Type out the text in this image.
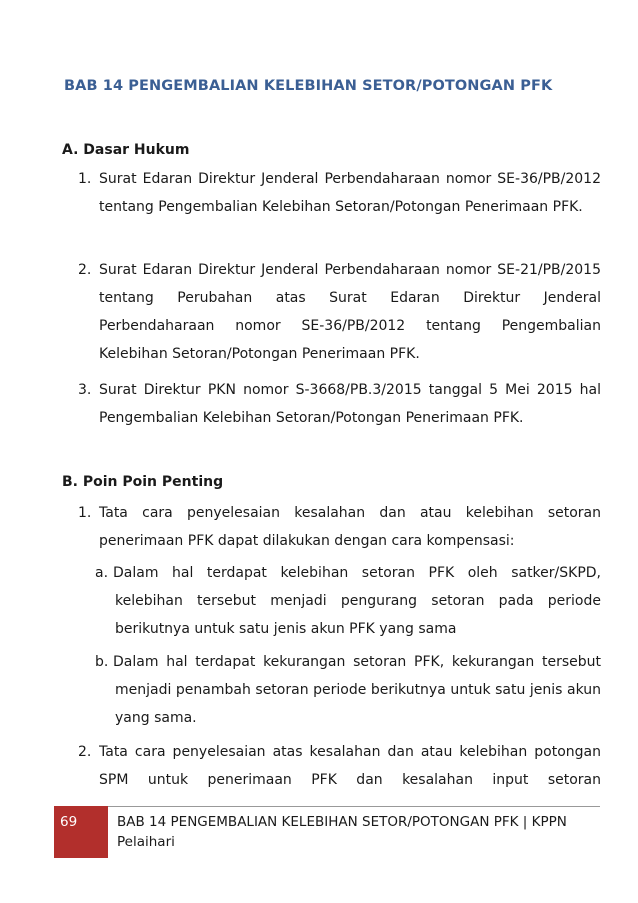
BAB 14 PENGEMBALIAN KELEBIHAN SETOR/POTONGAN PFK
A. Dasar Hukum
1. Surat Edaran Direktur Jenderal Perbendaharaan nomor SE-36/PB/2012 tentang Pengembalian Kelebihan Setoran/Potongan Penerimaan PFK.
2. Surat Edaran Direktur Jenderal Perbendaharaan nomor SE-21/PB/2015 tentang Perubahan atas Surat Edaran Direktur Jenderal Perbendaharaan nomor SE-36/PB/2012 tentang Pengembalian Kelebihan Setoran/Potongan Penerimaan PFK.
3. Surat Direktur PKN nomor S-3668/PB.3/2015 tanggal 5 Mei 2015 hal Pengembalian Kelebihan Setoran/Potongan Penerimaan PFK.
B. Poin Poin Penting
1. Tata cara penyelesaian kesalahan dan atau kelebihan setoran penerimaan PFK dapat dilakukan dengan cara kompensasi:
a. Dalam hal terdapat kelebihan setoran PFK oleh satker/SKPD, kelebihan tersebut menjadi pengurang setoran pada periode berikutnya untuk satu jenis akun PFK yang sama
b. Dalam hal terdapat kekurangan setoran PFK, kekurangan tersebut menjadi penambah setoran periode berikutnya untuk satu jenis akun yang sama.
2. Tata cara penyelesaian atas kesalahan dan atau kelebihan potongan SPM untuk penerimaan PFK dan kesalahan input setoran
69	BAB 14 PENGEMBALIAN KELEBIHAN SETOR/POTONGAN PFK | KPPN Pelaihari
